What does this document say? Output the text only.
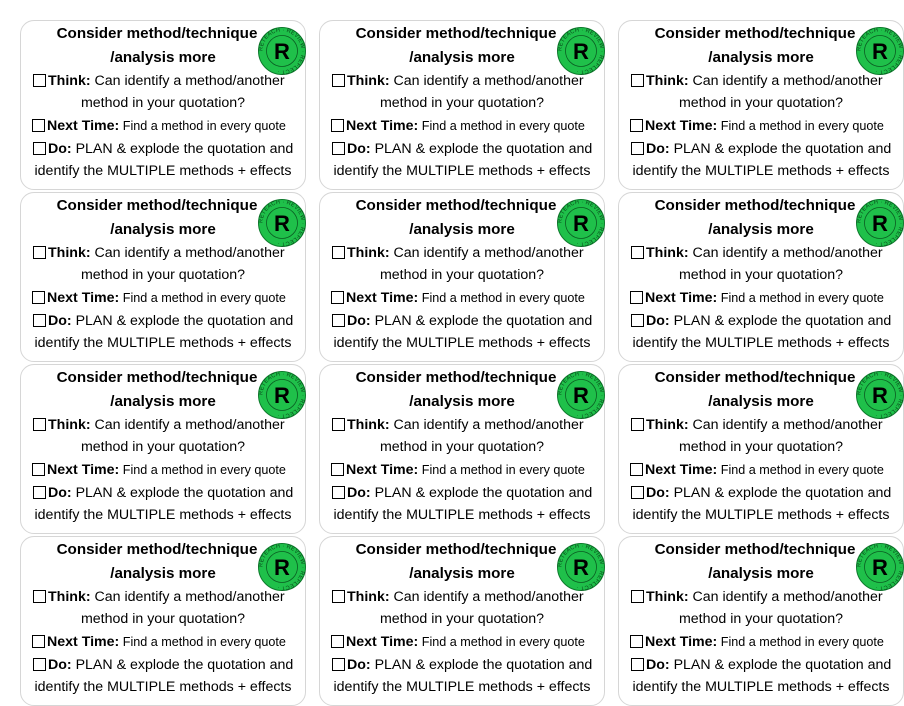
Consider method/technique
/analysis more
Think: Can identify a method/another
method in your quotation?
Next Time: Find a method in every quote
Do: PLAN & explode the quotation and
identify the MULTIPLE methods + effects
RETEACH · REVIEW · REFLECT ·
R
Consider method/technique
/analysis more
Think: Can identify a method/another
method in your quotation?
Next Time: Find a method in every quote
Do: PLAN & explode the quotation and
identify the MULTIPLE methods + effects
RETEACH · REVIEW · REFLECT ·
R
Consider method/technique
/analysis more
Think: Can identify a method/another
method in your quotation?
Next Time: Find a method in every quote
Do: PLAN & explode the quotation and
identify the MULTIPLE methods + effects
RETEACH · REVIEW · REFLECT ·
R
Consider method/technique
/analysis more
Think: Can identify a method/another
method in your quotation?
Next Time: Find a method in every quote
Do: PLAN & explode the quotation and
identify the MULTIPLE methods + effects
RETEACH · REVIEW · REFLECT ·
R
Consider method/technique
/analysis more
Think: Can identify a method/another
method in your quotation?
Next Time: Find a method in every quote
Do: PLAN & explode the quotation and
identify the MULTIPLE methods + effects
RETEACH · REVIEW · REFLECT ·
R
Consider method/technique
/analysis more
Think: Can identify a method/another
method in your quotation?
Next Time: Find a method in every quote
Do: PLAN & explode the quotation and
identify the MULTIPLE methods + effects
RETEACH · REVIEW · REFLECT ·
R
Consider method/technique
/analysis more
Think: Can identify a method/another
method in your quotation?
Next Time: Find a method in every quote
Do: PLAN & explode the quotation and
identify the MULTIPLE methods + effects
RETEACH · REVIEW · REFLECT ·
R
Consider method/technique
/analysis more
Think: Can identify a method/another
method in your quotation?
Next Time: Find a method in every quote
Do: PLAN & explode the quotation and
identify the MULTIPLE methods + effects
RETEACH · REVIEW · REFLECT ·
R
Consider method/technique
/analysis more
Think: Can identify a method/another
method in your quotation?
Next Time: Find a method in every quote
Do: PLAN & explode the quotation and
identify the MULTIPLE methods + effects
RETEACH · REVIEW · REFLECT ·
R
Consider method/technique
/analysis more
Think: Can identify a method/another
method in your quotation?
Next Time: Find a method in every quote
Do: PLAN & explode the quotation and
identify the MULTIPLE methods + effects
RETEACH · REVIEW · REFLECT ·
R
Consider method/technique
/analysis more
Think: Can identify a method/another
method in your quotation?
Next Time: Find a method in every quote
Do: PLAN & explode the quotation and
identify the MULTIPLE methods + effects
RETEACH · REVIEW · REFLECT ·
R
Consider method/technique
/analysis more
Think: Can identify a method/another
method in your quotation?
Next Time: Find a method in every quote
Do: PLAN & explode the quotation and
identify the MULTIPLE methods + effects
RETEACH · REVIEW · REFLECT ·
R
